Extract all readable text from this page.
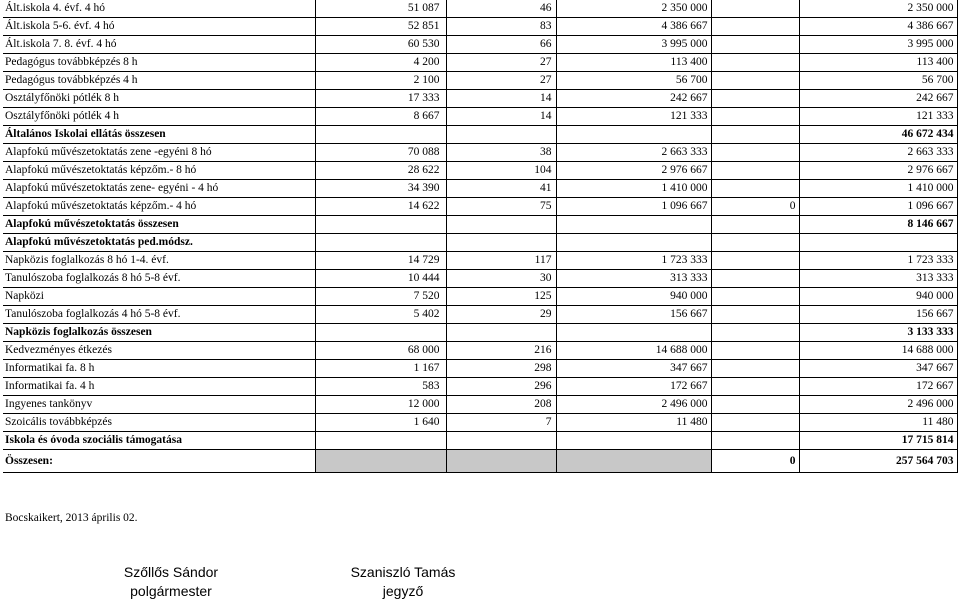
Ált.iskola 4. évf. 4 hó	51 087	46	2 350 000		2 350 000
Ált.iskola 5-6. évf. 4 hó	52 851	83	4 386 667		4 386 667
Ált.iskola 7. 8. évf. 4 hó	60 530	66	3 995 000		3 995 000
Pedagógus továbbképzés 8 h	4 200	27	113 400		113 400
Pedagógus továbbképzés 4 h	2 100	27	56 700		56 700
Osztályfőnöki pótlék 8 h	17 333	14	242 667		242 667
Osztályfőnöki pótlék 4 h	8 667	14	121 333		121 333
Általános Iskolai ellátás összesen					46 672 434
Alapfokú művészetoktatás zene -egyéni 8 hó	70 088	38	2 663 333		2 663 333
Alapfokú művészetoktatás képzőm.- 8 hó	28 622	104	2 976 667		2 976 667
Alapfokú művészetoktatás zene- egyéni - 4 hó	34 390	41	1 410 000		1 410 000
Alapfokú művészetoktatás képzőm.- 4 hó	14 622	75	1 096 667	0	1 096 667
Alapfokú művészetoktatás összesen					8 146 667
Alapfokú művészetoktatás ped.módsz.					
Napközis foglalkozás 8 hó 1-4. évf.	14 729	117	1 723 333		1 723 333
Tanulószoba foglalkozás 8 hó 5-8 évf.	10 444	30	313 333		313 333
Napközi	7 520	125	940 000		940 000
Tanulószoba foglalkozás 4 hó 5-8 évf.	5 402	29	156 667		156 667
Napközis foglalkozás összesen					3 133 333
Kedvezményes étkezés	68 000	216	14 688 000		14 688 000
Informatikai fa. 8 h	1 167	298	347 667		347 667
Informatikai fa. 4 h	583	296	172 667		172 667
Ingyenes tankönyv	12 000	208	2 496 000		2 496 000
Szoicális továbbképzés	1 640	7	11 480		11 480
Iskola és óvoda szociális támogatása					17 715 814
Összesen:				0	257 564 703
Bocskaikert, 2013 április 02.
Szőllős Sándor
polgármester
Szaniszló Tamás
jegyző
